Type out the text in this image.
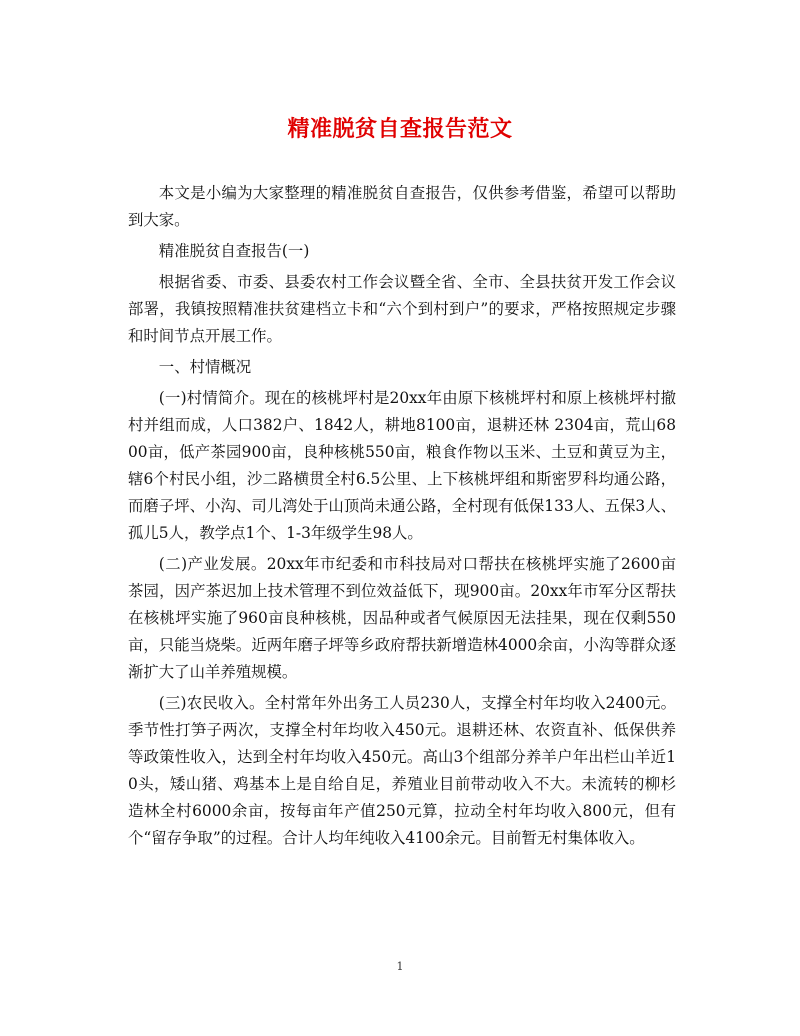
精准脱贫自查报告范文

本文是小编为大家整理的精准脱贫自查报告，仅供参考借鉴，希望可以帮助到大家。

精准脱贫自查报告(一)

根据省委、市委、县委农村工作会议暨全省、全市、全县扶贫开发工作会议部署，我镇按照精准扶贫建档立卡和“六个到村到户”的要求，严格按照规定步骤和时间节点开展工作。

一、村情概况

(一)村情简介。现在的核桃坪村是20xx年由原下核桃坪村和原上核桃坪村撤村并组而成，人口382户、1842人，耕地8100亩，退耕还林 2304亩，荒山6800亩，低产茶园900亩，良种核桃550亩，粮食作物以玉米、土豆和黄豆为主，辖6个村民小组，沙二路横贯全村6.5公里、上下核桃坪组和斯密罗科均通公路，而磨子坪、小沟、司儿湾处于山顶尚未通公路，全村现有低保133人、五保3人、孤儿5人，教学点1个、1-3年级学生98人。

(二)产业发展。20xx年市纪委和市科技局对口帮扶在核桃坪实施了2600亩茶园，因产茶迟加上技术管理不到位效益低下，现900亩。20xx年市军分区帮扶在核桃坪实施了960亩良种核桃，因品种或者气候原因无法挂果，现在仅剩550亩，只能当烧柴。近两年磨子坪等乡政府帮扶新增造林4000余亩，小沟等群众逐渐扩大了山羊养殖规模。

(三)农民收入。全村常年外出务工人员230人，支撑全村年均收入2400元。季节性打笋子两次，支撑全村年均收入450元。退耕还林、农资直补、低保供养等政策性收入，达到全村年均收入450元。高山3个组部分养羊户年出栏山羊近10头，矮山猪、鸡基本上是自给自足，养殖业目前带动收入不大。未流转的柳杉造林全村6000余亩，按每亩年产值250元算，拉动全村年均收入800元，但有个“留存争取”的过程。合计人均年纯收入4100余元。目前暂无村集体收入。

1
